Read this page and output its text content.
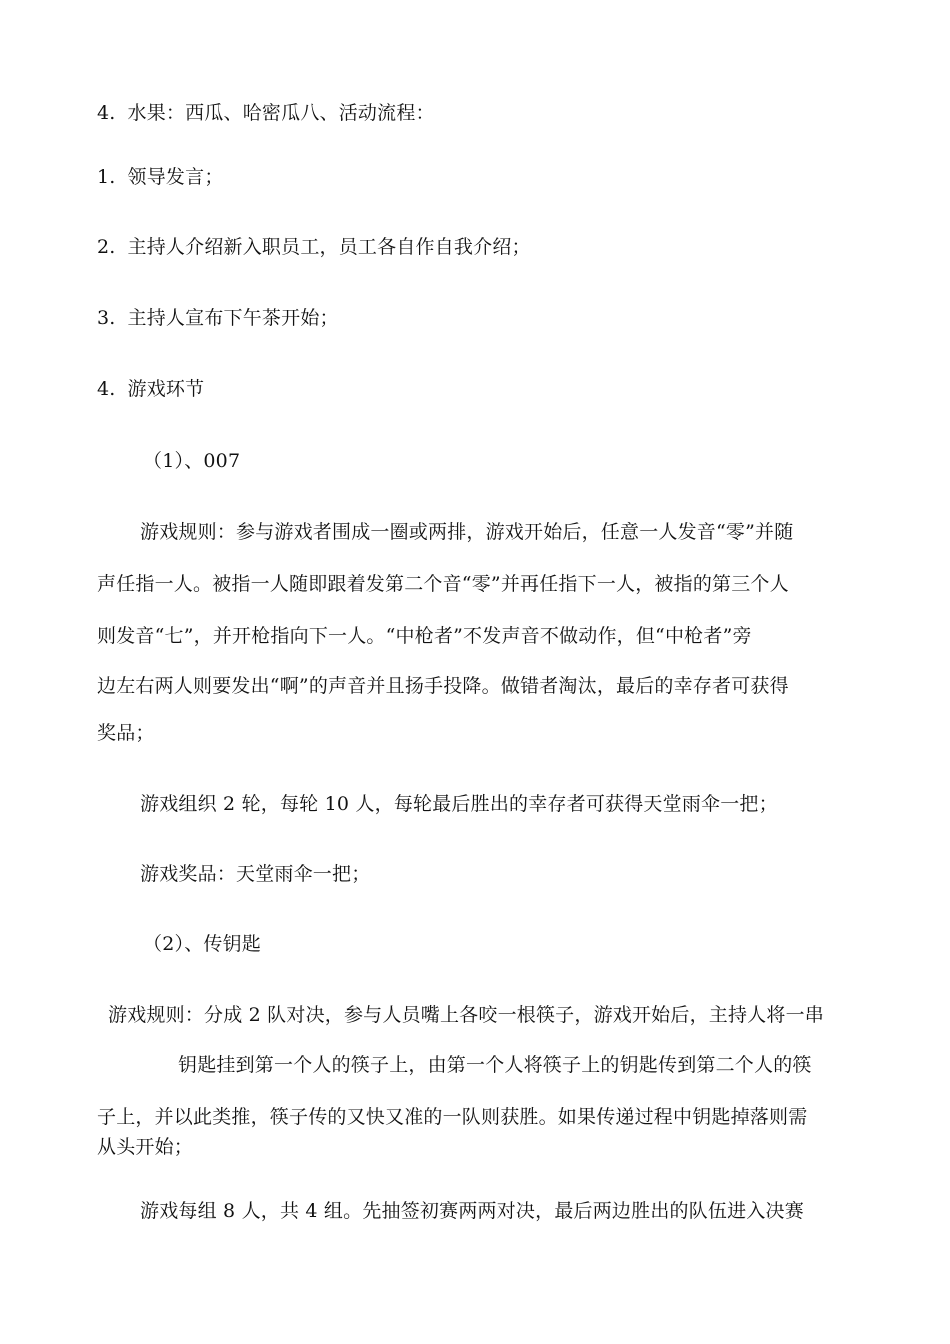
4. 水果：西瓜、哈密瓜八、活动流程：
1. 领导发言；
2. 主持人介绍新入职员工，员工各自作自我介绍；
3. 主持人宣布下午茶开始；
4. 游戏环节
（1）、007
游戏规则：参与游戏者围成一圈或两排，游戏开始后，任意一人发音“零”并随
声任指一人。被指一人随即跟着发第二个音“零”并再任指下一人，被指的第三个人
则发音“七”，并开枪指向下一人。“中枪者”不发声音不做动作，但“中枪者”旁
边左右两人则要发出“啊”的声音并且扬手投降。做错者淘汰，最后的幸存者可获得
奖品；
游戏组织 2 轮，每轮 10 人，每轮最后胜出的幸存者可获得天堂雨伞一把；
游戏奖品：天堂雨伞一把；
（2）、传钥匙
游戏规则：分成 2 队对决，参与人员嘴上各咬一根筷子，游戏开始后，主持人将一串
钥匙挂到第一个人的筷子上，由第一个人将筷子上的钥匙传到第二个人的筷
子上，并以此类推，筷子传的又快又准的一队则获胜。如果传递过程中钥匙掉落则需
从头开始；
游戏每组 8 人，共 4 组。先抽签初赛两两对决，最后两边胜出的队伍进入决赛
